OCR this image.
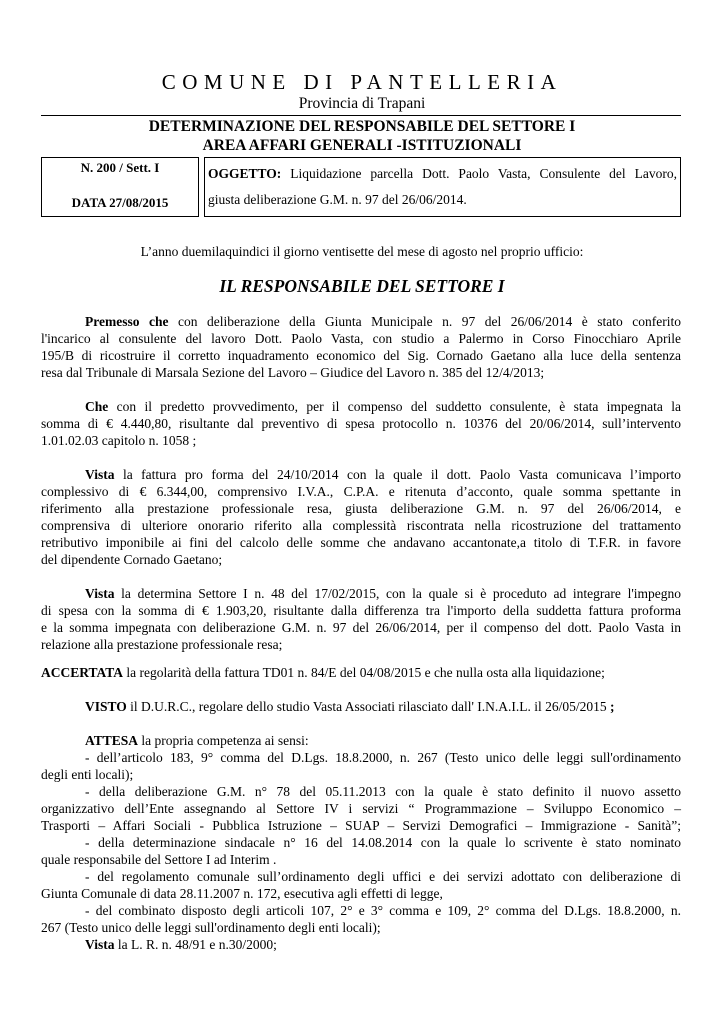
COMUNE DI PANTELLERIA
Provincia di Trapani
DETERMINAZIONE DEL RESPONSABILE DEL SETTORE I
AREA AFFARI GENERALI -ISTITUZIONALI
N. 200 / Sett. I
DATA 27/08/2015

OGGETTO: Liquidazione parcella Dott. Paolo Vasta, Consulente del Lavoro,
giusta deliberazione G.M. n. 97 del 26/06/2014.
L’anno duemilaquindici il giorno ventisette del mese di agosto nel proprio ufficio:
IL RESPONSABILE DEL SETTORE I
Premesso che con deliberazione della Giunta Municipale n. 97 del 26/06/2014 è stato conferito
l'incarico al consulente del lavoro Dott. Paolo Vasta, con studio a Palermo in Corso Finocchiaro Aprile
195/B di ricostruire il corretto inquadramento economico del Sig. Cornado Gaetano alla luce della sentenza
resa dal Tribunale di Marsala Sezione del Lavoro – Giudice del Lavoro n. 385 del 12/4/2013;
Che con il predetto provvedimento, per il compenso del suddetto consulente, è stata impegnata la
somma di € 4.440,80, risultante dal preventivo di spesa protocollo n. 10376 del 20/06/2014, sull’intervento
1.01.02.03 capitolo n. 1058 ;
Vista la fattura pro forma del 24/10/2014 con la quale il dott. Paolo Vasta comunicava l’importo
complessivo di € 6.344,00, comprensivo I.V.A., C.P.A. e ritenuta d’acconto, quale somma spettante in
riferimento alla prestazione professionale resa, giusta deliberazione G.M. n. 97 del 26/06/2014, e
comprensiva di ulteriore onorario riferito alla complessità riscontrata nella ricostruzione del trattamento
retributivo imponibile ai fini del calcolo delle somme che andavano accantonate,a titolo di T.F.R. in favore
del dipendente Cornado Gaetano;
Vista la determina Settore I n. 48 del 17/02/2015, con la quale si è proceduto ad integrare l'impegno
di spesa con la somma di € 1.903,20, risultante dalla differenza tra l'importo della suddetta fattura proforma
e la somma impegnata con deliberazione G.M. n. 97 del 26/06/2014, per il compenso del dott. Paolo Vasta in
relazione alla prestazione professionale resa;
ACCERTATA la regolarità della fattura TD01 n. 84/E del 04/08/2015 e che nulla osta alla liquidazione;
VISTO il D.U.R.C., regolare dello studio Vasta Associati rilasciato dall' I.N.A.I.L. il 26/05/2015 ;
ATTESA la propria competenza ai sensi:
- dell’articolo 183, 9° comma del D.Lgs. 18.8.2000, n. 267 (Testo unico delle leggi sull'ordinamento
degli enti locali);
- della deliberazione G.M. n° 78 del 05.11.2013 con la quale è stato definito il nuovo assetto
organizzativo dell’Ente assegnando al Settore IV i servizi “ Programmazione – Sviluppo Economico –
Trasporti – Affari Sociali - Pubblica Istruzione – SUAP – Servizi Demografici – Immigrazione - Sanità”;
- della determinazione sindacale n° 16 del 14.08.2014 con la quale lo scrivente è stato nominato
quale responsabile del Settore I ad Interim .
- del regolamento comunale sull’ordinamento degli uffici e dei servizi adottato con deliberazione di
Giunta Comunale di data 28.11.2007 n. 172, esecutiva agli effetti di legge,
- del combinato disposto degli articoli 107, 2° e 3° comma e 109, 2° comma del D.Lgs. 18.8.2000, n.
267 (Testo unico delle leggi sull'ordinamento degli enti locali);
Vista la L. R. n. 48/91 e n.30/2000;
